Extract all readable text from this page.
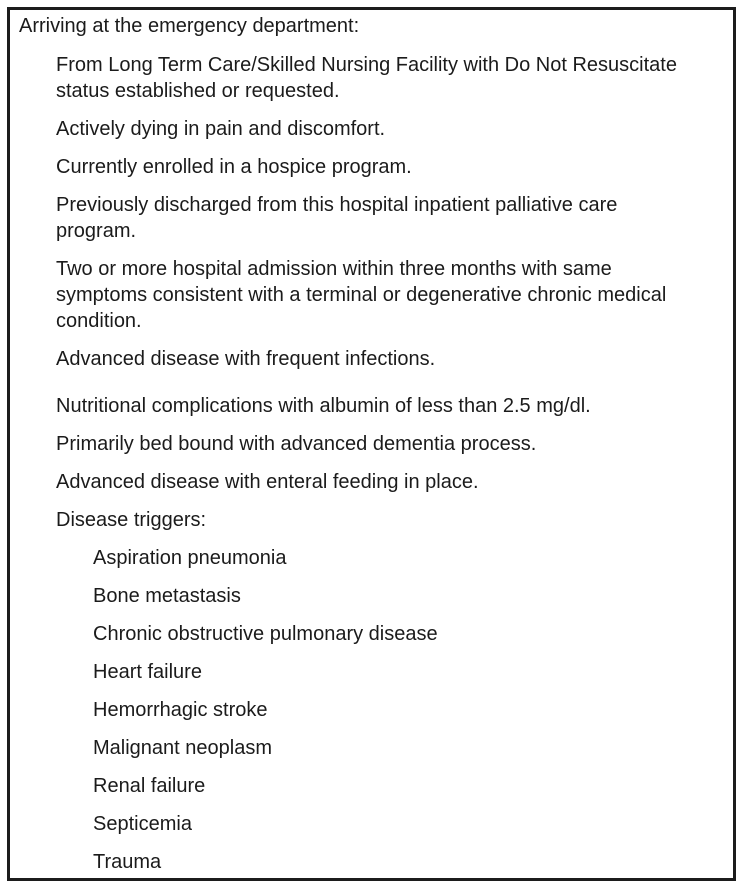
Arriving at the emergency department:

From Long Term Care/Skilled Nursing Facility with Do Not Resuscitate status established or requested.
Actively dying in pain and discomfort.
Currently enrolled in a hospice program.
Previously discharged from this hospital inpatient palliative care program.
Two or more hospital admission within three months with same symptoms consistent with a terminal or degenerative chronic medical condition.
Advanced disease with frequent infections.
Nutritional complications with albumin of less than 2.5 mg/dl.
Primarily bed bound with advanced dementia process.
Advanced disease with enteral feeding in place.
Disease triggers:
Aspiration pneumonia
Bone metastasis
Chronic obstructive pulmonary disease
Heart failure
Hemorrhagic stroke
Malignant neoplasm
Renal failure
Septicemia
Trauma
